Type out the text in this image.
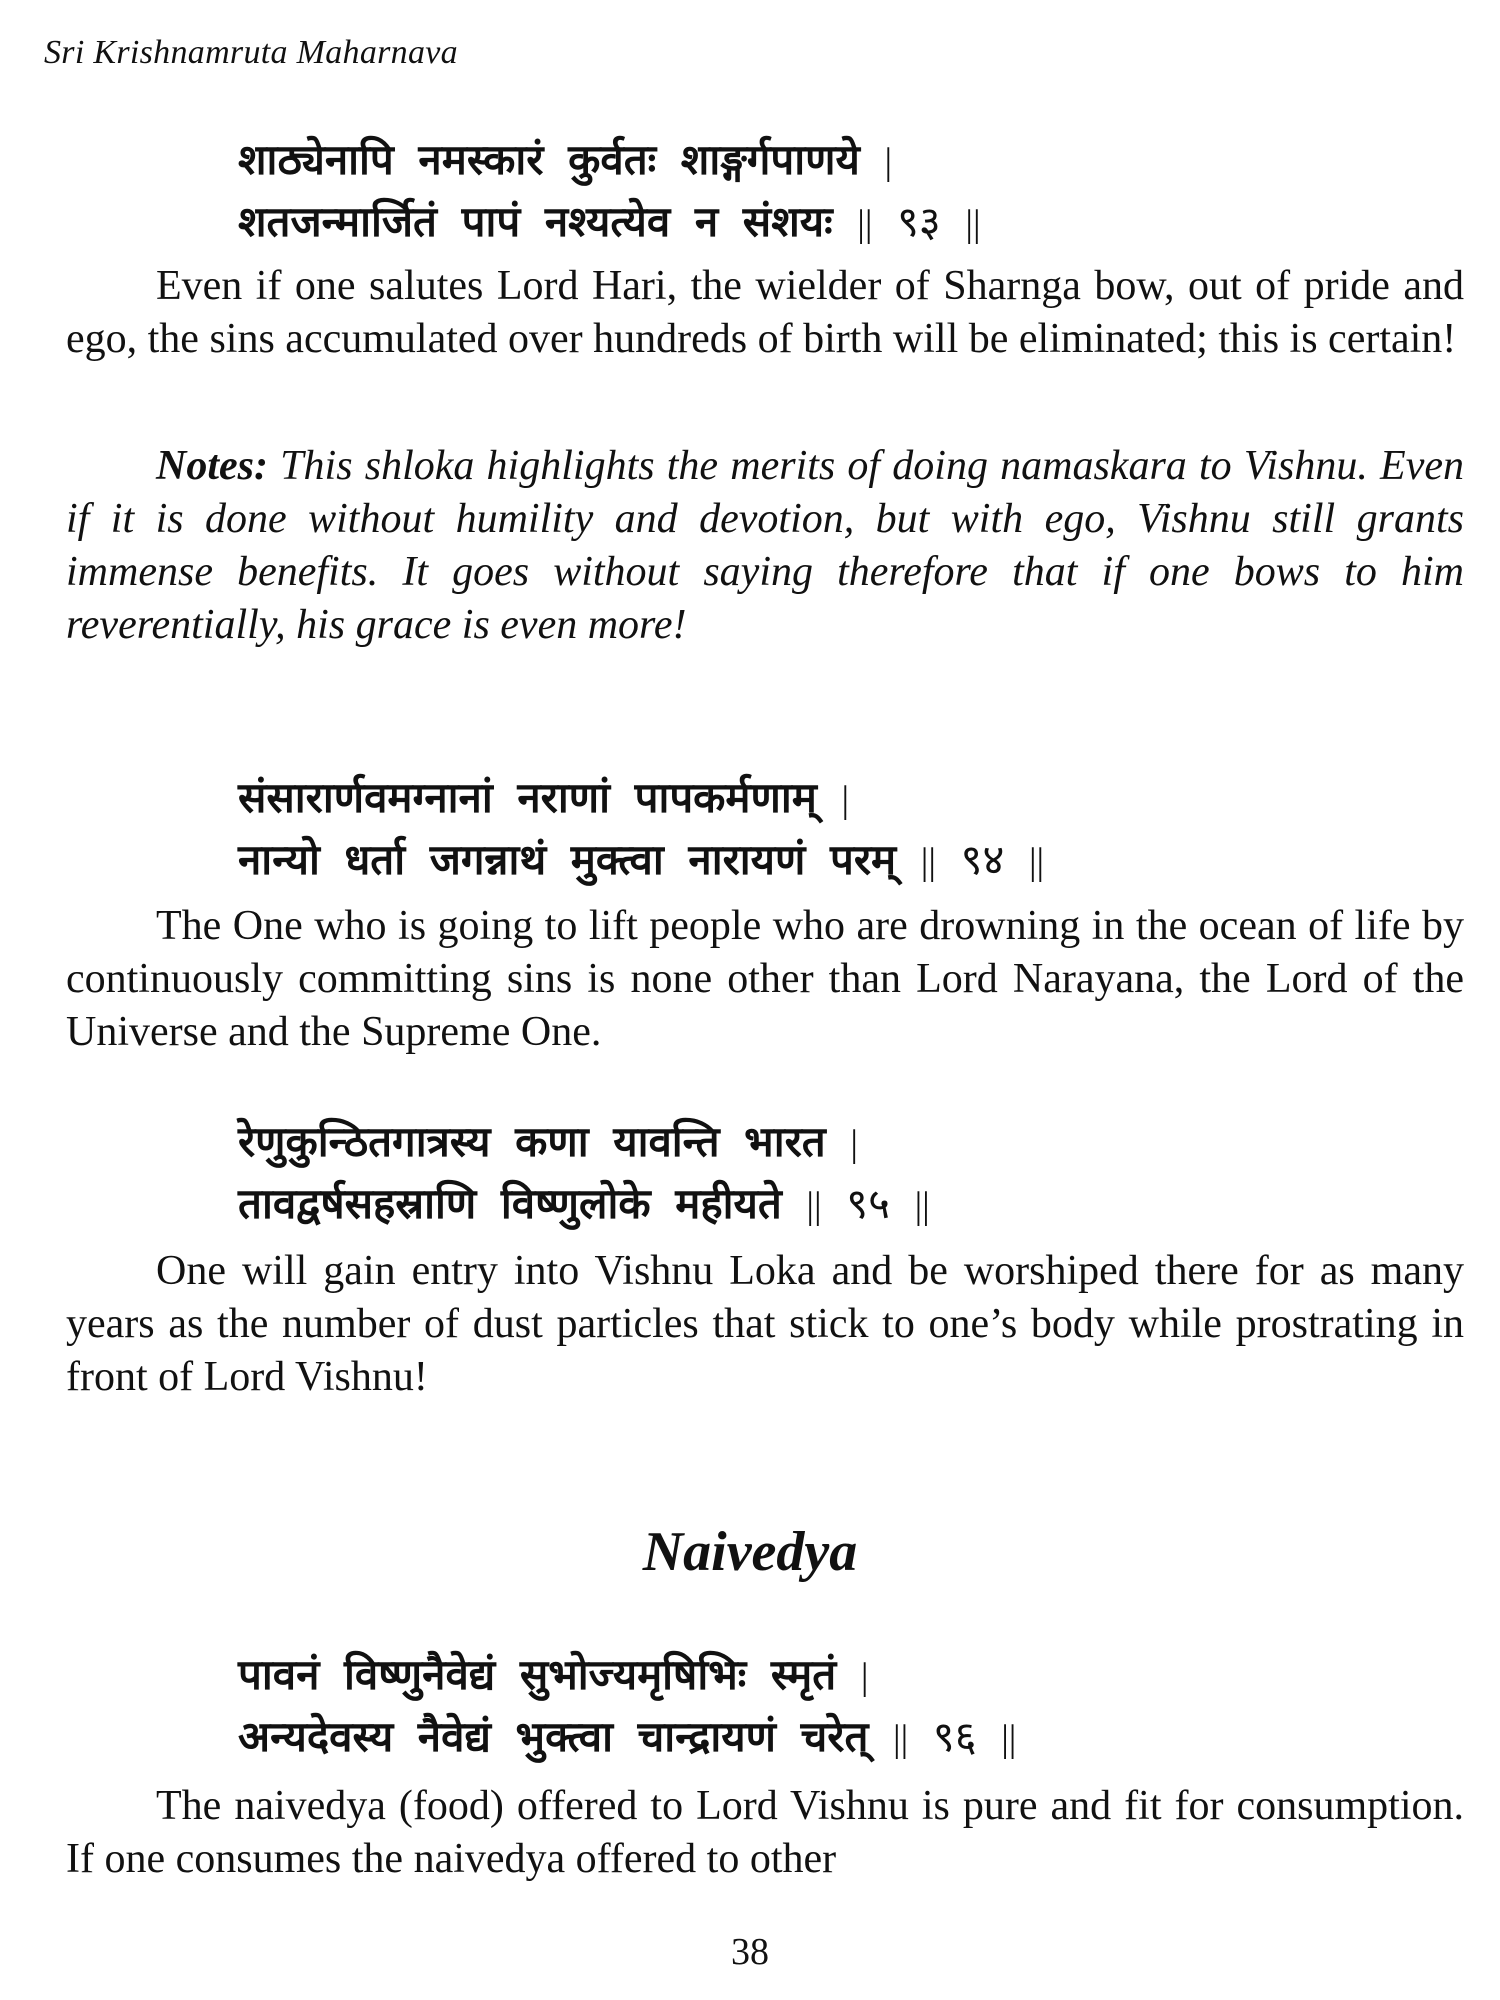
Sri Krishnamruta Maharnava
शाठ्येनापि नमस्कारं कुर्वतः शाङ्गर्गपाणये |
शतजन्मार्जितं पापं नश्यत्येव न संशयः || ९३ ||

Even if one salutes Lord Hari, the wielder of Sharnga bow, out of pride and ego, the sins accumulated over hundreds of birth will be eliminated; this is certain!

Notes: This shloka highlights the merits of doing namaskara to Vishnu. Even if it is done without humility and devotion, but with ego, Vishnu still grants immense benefits. It goes without saying therefore that if one bows to him reverentially, his grace is even more!

संसारार्णवमग्नानां नराणां पापकर्मणाम् |
नान्यो धर्ता जगन्नाथं मुक्त्वा नारायणं परम् || ९४ ||

The One who is going to lift people who are drowning in the ocean of life by continuously committing sins is none other than Lord Narayana, the Lord of the Universe and the Supreme One.

रेणुकुन्ठितगात्रस्य कणा यावन्ति भारत |
तावद्वर्षसहस्राणि विष्णुलोके महीयते || ९५ ||

One will gain entry into Vishnu Loka and be worshiped there for as many years as the number of dust particles that stick to one’s body while prostrating in front of Lord Vishnu!

Naivedya
पावनं विष्णुनैवेद्यं सुभोज्यमृषिभिः स्मृतं |
अन्यदेवस्य नैवेद्यं भुक्त्वा चान्द्रायणं चरेत् || ९६ ||

The naivedya (food) offered to Lord Vishnu is pure and fit for consumption. If one consumes the naivedya offered to other

38
